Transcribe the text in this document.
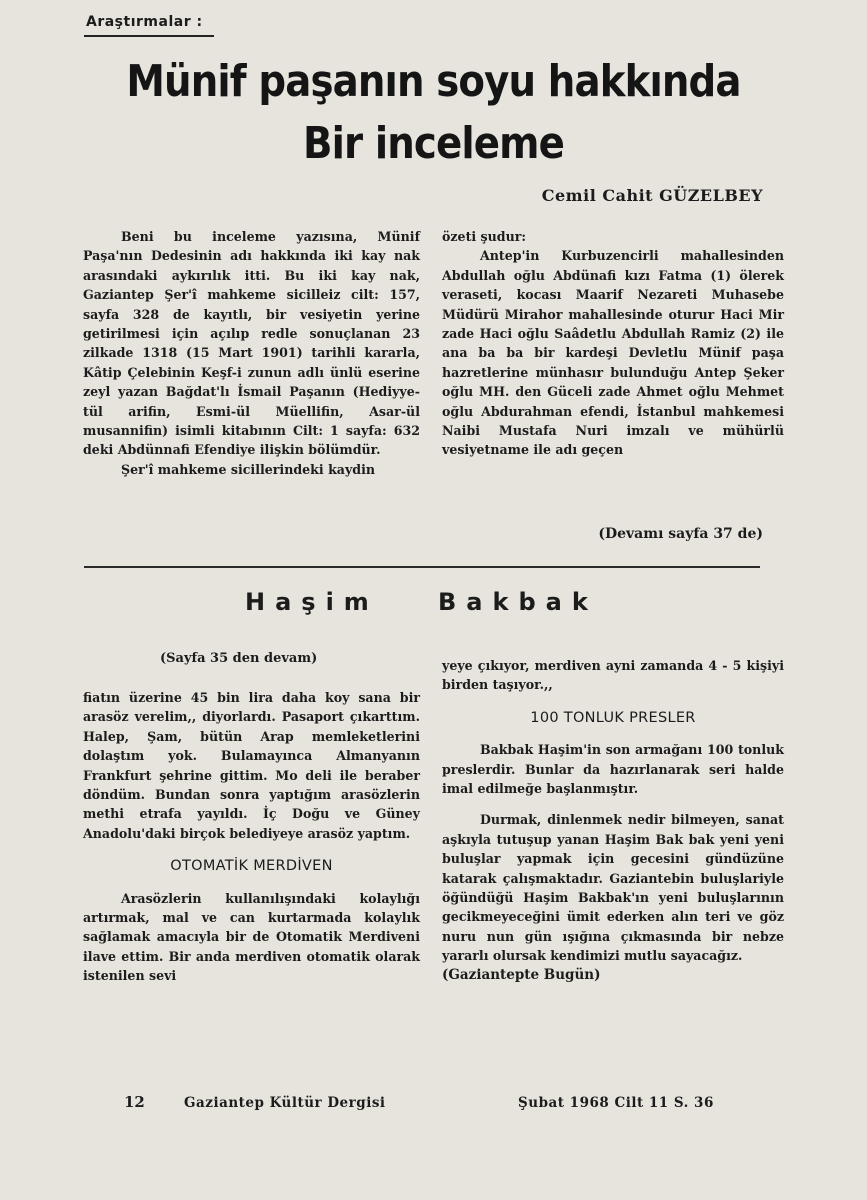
Araştırmalar :
Münif paşanın soyu hakkında
Bir inceleme
Cemil Cahit GÜZELBEY

Beni bu inceleme yazısına, Münif Paşa'nın Dedesinin adı hakkında iki kay nak arasındaki aykırılık itti. Bu iki kay nak, Gaziantep Şer'î mahkeme sicilleiz cilt: 157, sayfa 328 de kayıtlı, bir vesiyetin yerine getirilmesi için açılıp redle sonuçlanan 23 zilkade 1318 (15 Mart 1901) tarihli kararla, Kâtip Çelebinin Keşf-i zunun adlı ünlü eserine zeyl yazan Bağdat'lı İsmail Paşanın (Hediyye-tül arifin, Esmi-ül Müellifin, Asar-ül musannifin) isimli kitabının Cilt: 1 sayfa: 632 deki Abdünnafi Efendiye ilişkin bölümdür.

Şer'î mahkeme sicillerindeki kaydin

özeti şudur:

Antep'in Kurbuzencirli mahallesinden Abdullah oğlu Abdünafi kızı Fatma (1) ölerek veraseti, kocası Maarif Nezareti Muhasebe Müdürü Mirahor mahallesinde oturur Haci Mir zade Haci oğlu Saâdetlu Abdullah Ramiz (2) ile ana ba ba bir kardeşi Devletlu Münif paşa hazretlerine münhasır bulunduğu Antep Şeker oğlu MH. den Güceli zade Ahmet oğlu Mehmet oğlu Abdurahman efendi, İstanbul mahkemesi Naibi Mustafa Nuri imzalı ve mühürlü vesiyetname ile adı geçen

(Devamı sayfa 37 de)
Haşim Bakbak
(Sayfa 35 den devam)

fiatın üzerine 45 bin lira daha koy sana bir arasöz verelim,, diyorlardı. Pasaport çıkarttım. Halep, Şam, bütün Arap memleketlerini dolaştım yok. Bulamayınca Almanyanın Frankfurt şehrine gittim. Mo deli ile beraber döndüm. Bundan sonra yaptığım arasözlerin methi etrafa yayıldı. İç Doğu ve Güney Anadolu'daki birçok belediyeye arasöz yaptım.

OTOMATİK MERDİVEN

Arasözlerin kullanılışındaki kolaylığı artırmak, mal ve can kurtarmada kolaylık sağlamak amacıyla bir de Otomatik Merdiveni ilave ettim. Bir anda merdiven otomatik olarak istenilen sevi

yeye çıkıyor, merdiven ayni zamanda 4 - 5 kişiyi birden taşıyor.,,

100 TONLUK PRESLER

Bakbak Haşim'in son armağanı 100 tonluk preslerdir. Bunlar da hazırlanarak seri halde imal edilmeğe başlanmıştır.

Durmak, dinlenmek nedir bilmeyen, sanat aşkıyla tutuşup yanan Haşim Bak bak yeni yeni buluşlar yapmak için gecesini gündüzüne katarak çalışmaktadır. Gaziantebin buluşlariyle öğündüğü Haşim Bakbak'ın yeni buluşlarının gecikmeyeceğini ümit ederken alın teri ve göz nuru nun gün ışığına çıkmasında bir nebze yararlı olursak kendimizi mutlu sayacağız.

(Gaziantepte Bugün)

12	Gaziantep Kültür Dergisi	Şubat 1968 Cilt 11 S. 36
